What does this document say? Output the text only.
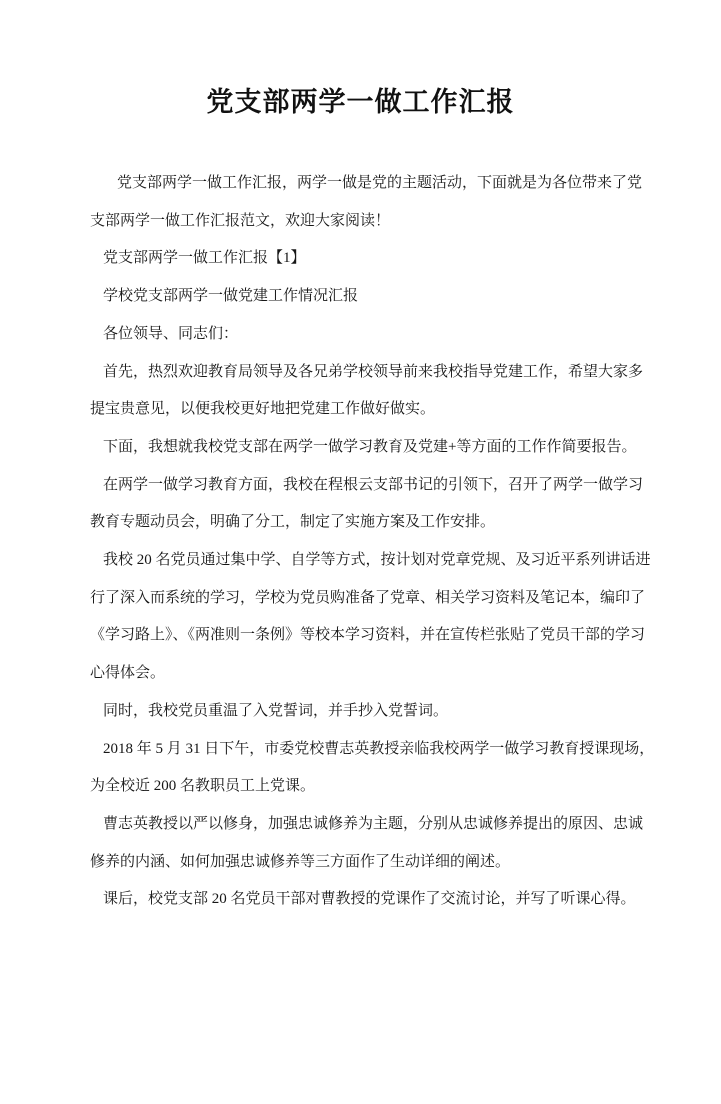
党支部两学一做工作汇报

党支部两学一做工作汇报，两学一做是党的主题活动，下面就是为各位带来了党支部两学一做工作汇报范文，欢迎大家阅读！

党支部两学一做工作汇报【1】

学校党支部两学一做党建工作情况汇报

各位领导、同志们：

首先，热烈欢迎教育局领导及各兄弟学校领导前来我校指导党建工作，希望大家多提宝贵意见，以便我校更好地把党建工作做好做实。

下面，我想就我校党支部在两学一做学习教育及党建+等方面的工作作简要报告。

在两学一做学习教育方面，我校在程根云支部书记的引领下，召开了两学一做学习教育专题动员会，明确了分工，制定了实施方案及工作安排。

我校 20 名党员通过集中学、自学等方式，按计划对党章党规、及习近平系列讲话进行了深入而系统的学习，学校为党员购准备了党章、相关学习资料及笔记本，编印了《学习路上》、《两准则一条例》等校本学习资料，并在宣传栏张贴了党员干部的学习心得体会。

同时，我校党员重温了入党誓词，并手抄入党誓词。

2018 年 5 月 31 日下午，市委党校曹志英教授亲临我校两学一做学习教育授课现场，为全校近 200 名教职员工上党课。

曹志英教授以严以修身，加强忠诚修养为主题，分别从忠诚修养提出的原因、忠诚修养的内涵、如何加强忠诚修养等三方面作了生动详细的阐述。

课后，校党支部 20 名党员干部对曹教授的党课作了交流讨论，并写了听课心得。
